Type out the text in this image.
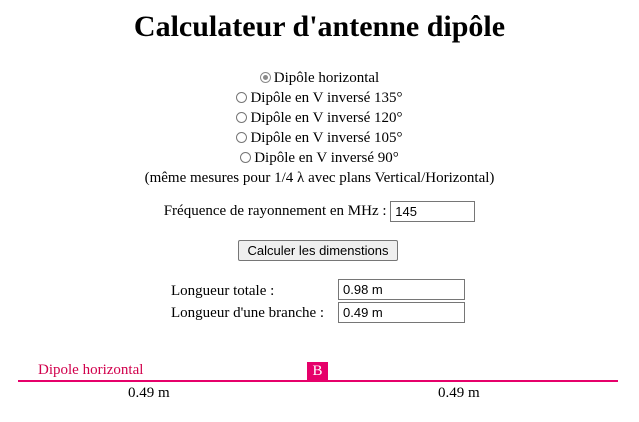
Calculateur d'antenne dipôle
Dipôle horizontal
Dipôle en V inversé 135°
Dipôle en V inversé 120°
Dipôle en V inversé 105°
Dipôle en V inversé 90°
(même mesures pour 1/4 λ avec plans Vertical/Horizontal)
Fréquence de rayonnement en MHz : 145
Calculer les dimenstions
Longueur totale :	0.98 m
Longueur d'une branche :	0.49 m
Dipole horizontal	B
0.49 m	0.49 m
